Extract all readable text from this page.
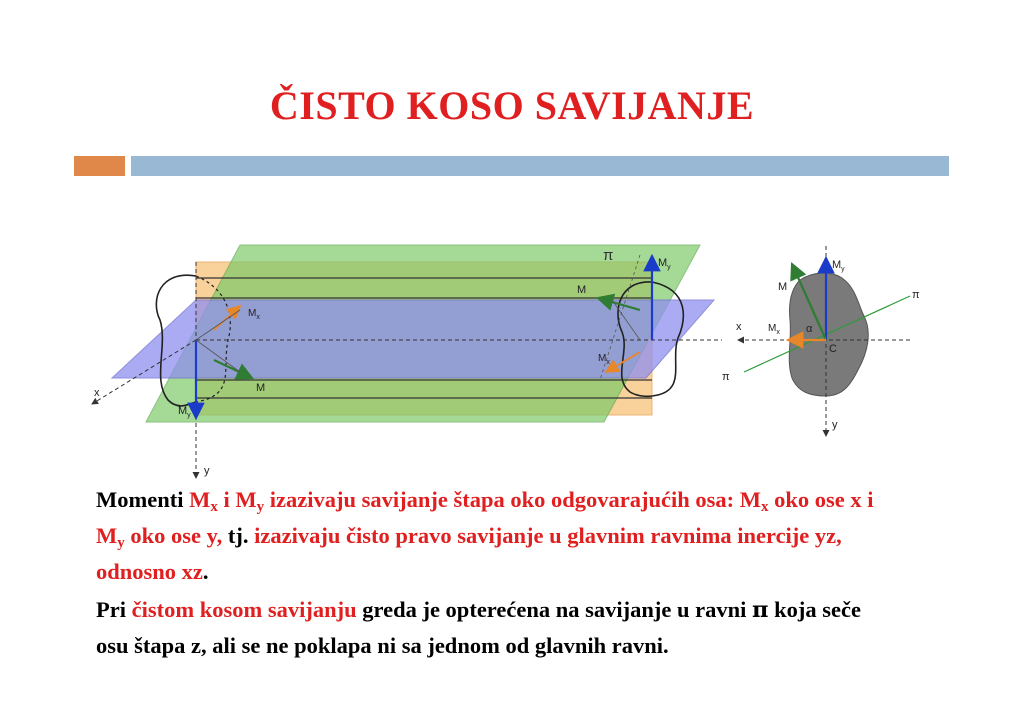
ČISTO KOSO SAVIJANJE
π	$M_y$
M
$M_x$
$M_x$
M
$M_y$
x
y
$M_y$
M
$M_x$
x
y
π
π
α
C
Momenti $M_x$ i $M_y$ izazivaju savijanje štapa oko odgovarajućih osa: $M_x$ oko ose x i $M_y$ oko ose y, tj. izazivaju čisto pravo savijanje u glavnim ravnima inercije yz, odnosno xz.
Pri čistom kosom savijanju greda je opterećena na savijanje u ravni π koja seče osu štapa z, ali se ne poklapa ni sa jednom od glavnih ravni.
